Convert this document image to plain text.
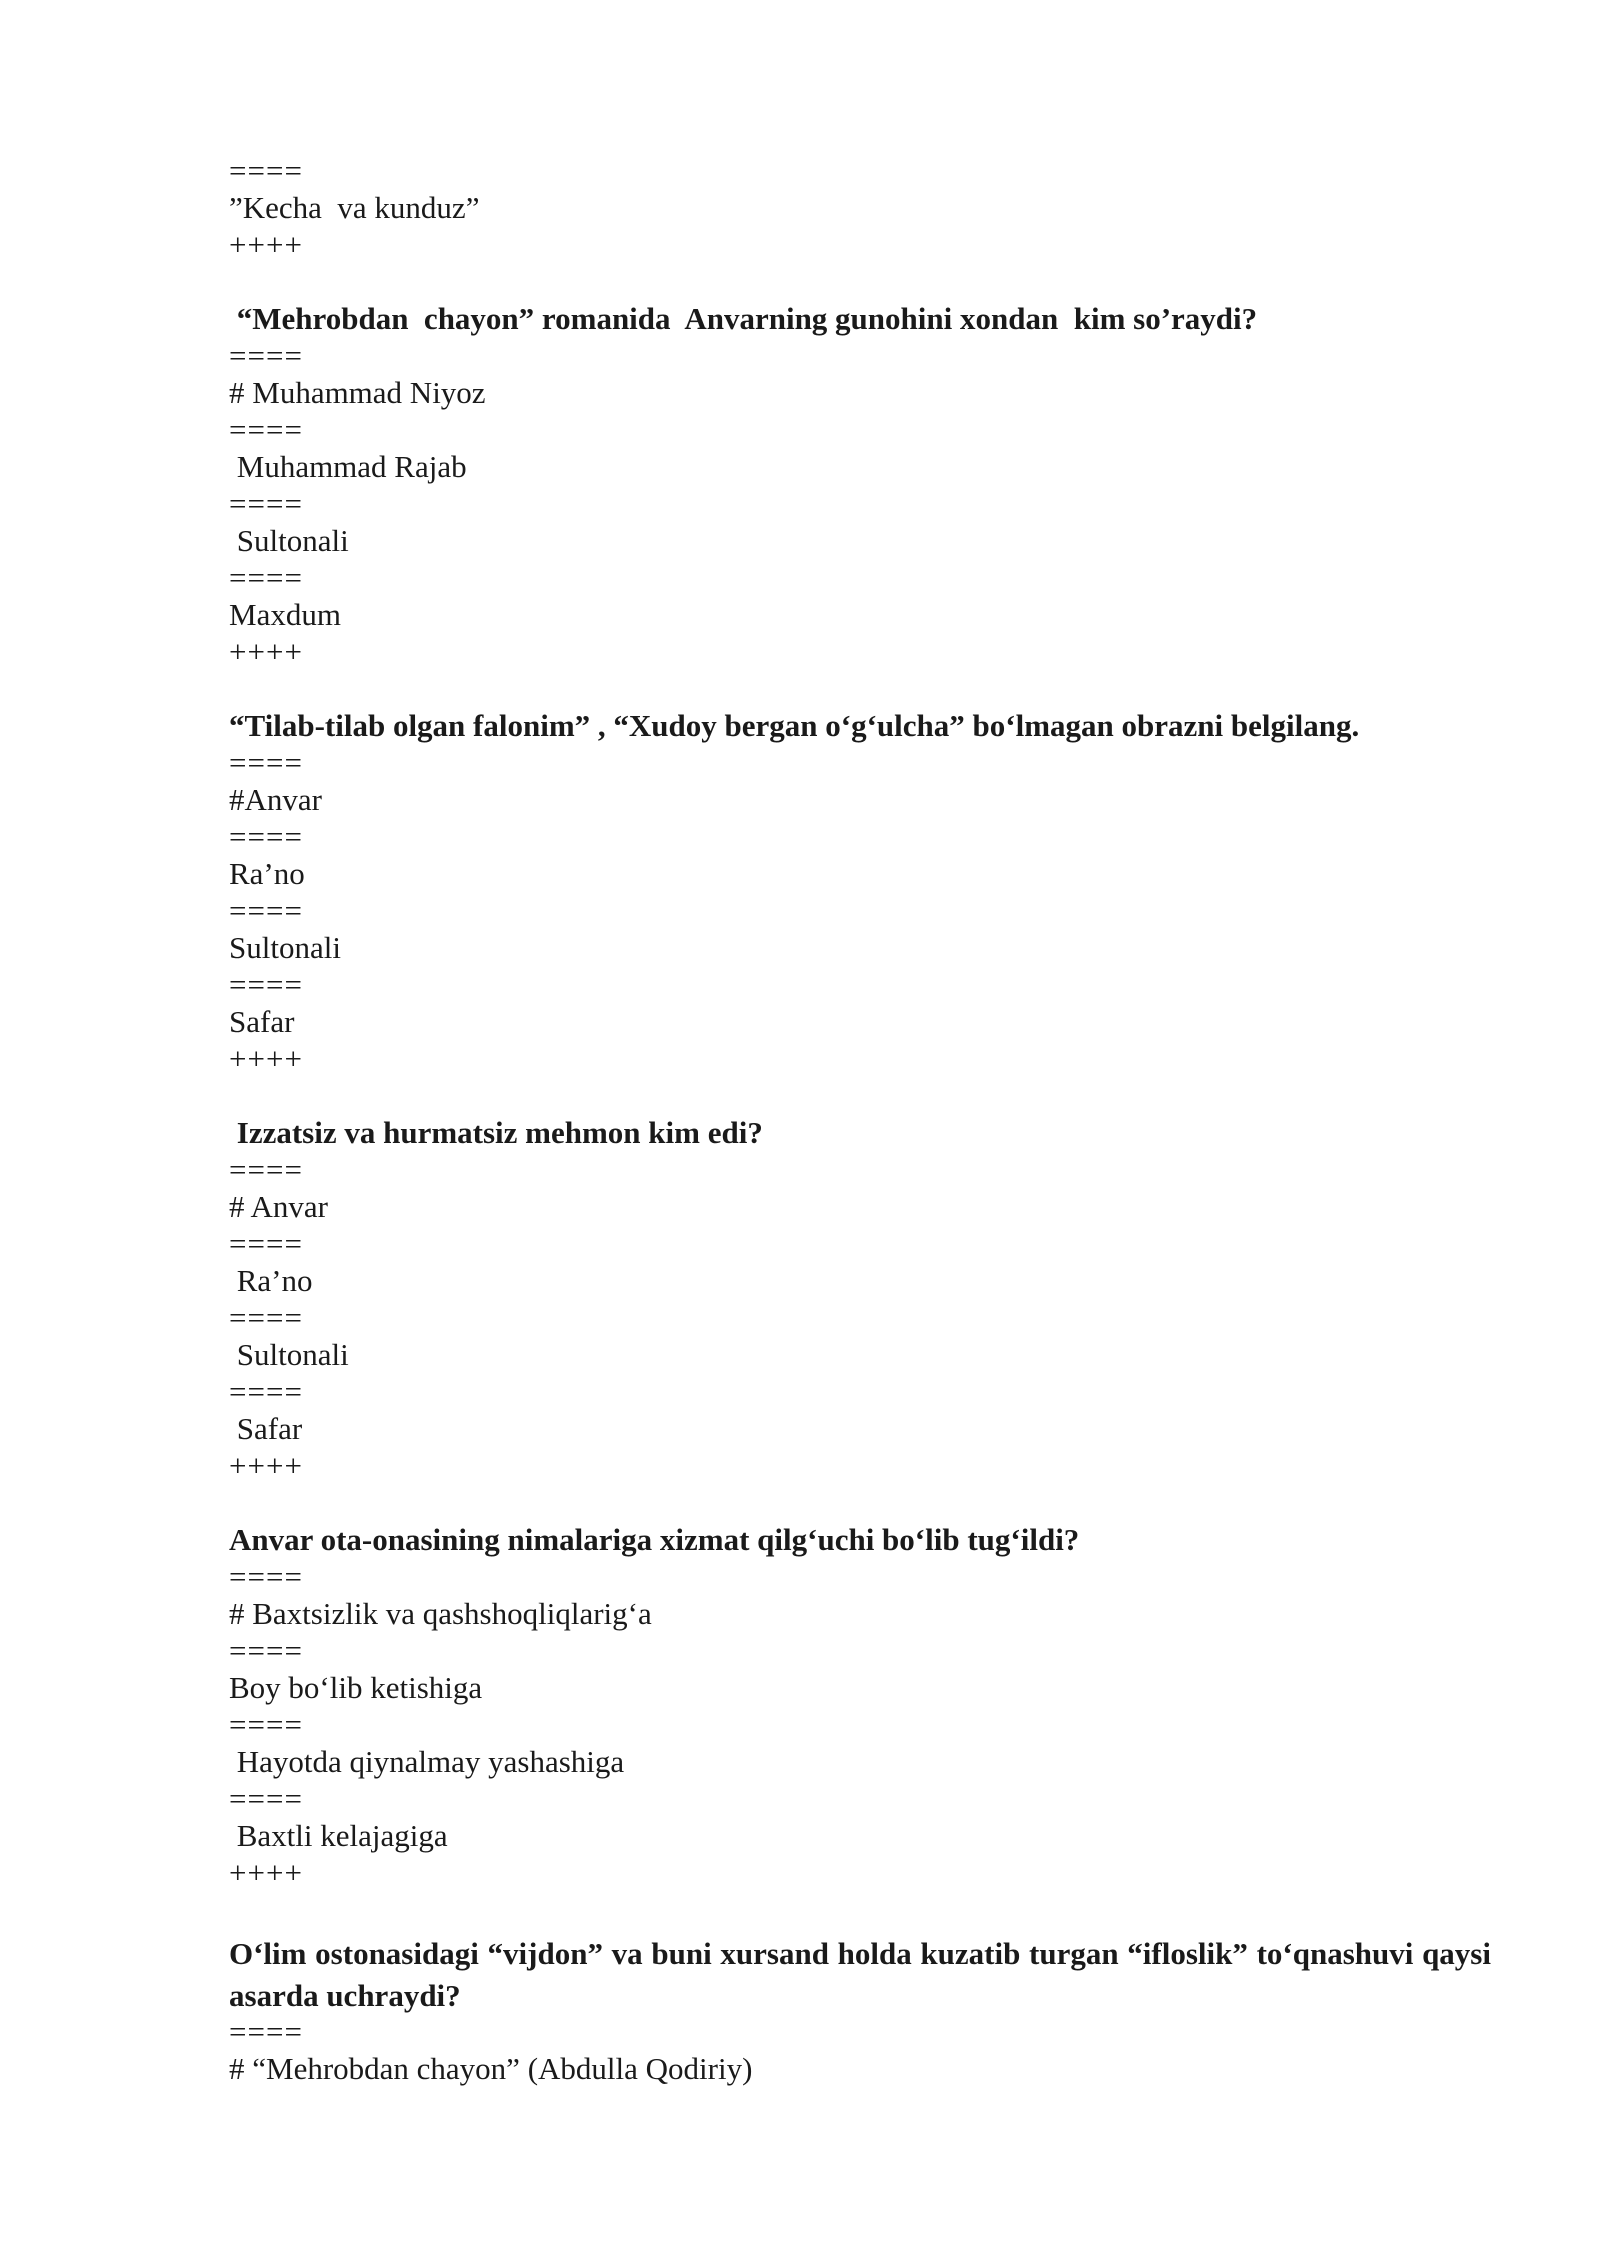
====
”Kecha  va kunduz”
++++
“Mehrobdan  chayon” romanida  Anvarning gunohini xondan  kim so’raydi?
====
# Muhammad Niyoz
====
Muhammad Rajab
====
Sultonali
====
Maxdum
++++
“Tilab-tilab olgan falonim” , “Xudoy bergan o‘g‘ulcha” bo‘lmagan obrazni belgilang.
====
#Anvar
====
Ra’no
====
Sultonali
====
Safar
++++
Izzatsiz va hurmatsiz mehmon kim edi?
====
# Anvar
====
Ra’no
====
Sultonali
====
Safar
++++
Anvar ota-onasining nimalariga xizmat qilg‘uchi bo‘lib tug‘ildi?
====
# Baxtsizlik va qashshoqliqlarig‘a
====
Boy bo‘lib ketishiga
====
Hayotda qiynalmay yashashiga
====
Baxtli kelajagiga
++++
O‘lim ostonasidagi “vijdon” va buni xursand holda kuzatib turgan “ifloslik” to‘qnashuvi qaysi asarda uchraydi?
====
# “Mehrobdan chayon” (Abdulla Qodiriy)
